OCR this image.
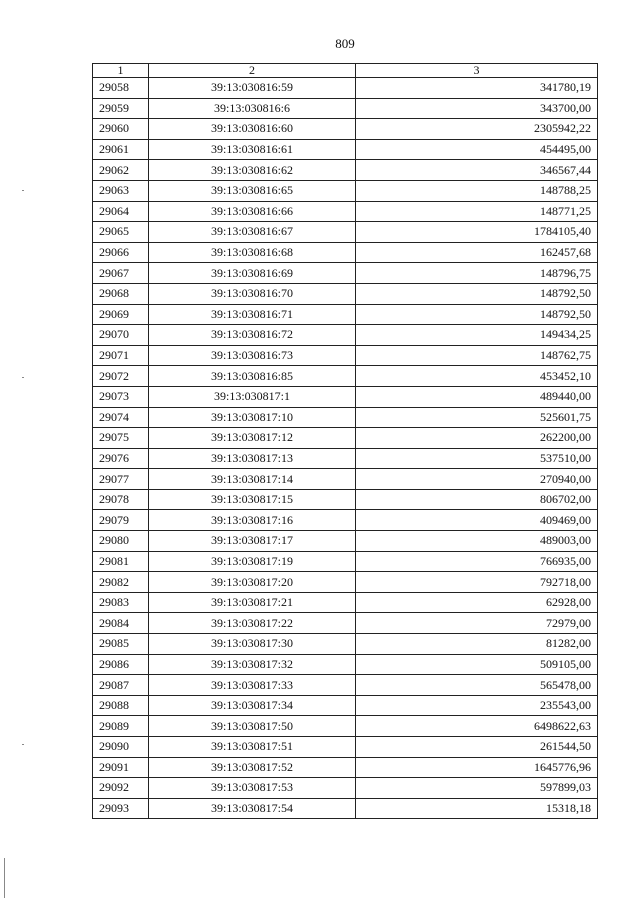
809
1	2	3
29058	39:13:030816:59	341780,19
29059	39:13:030816:6	343700,00
29060	39:13:030816:60	2305942,22
29061	39:13:030816:61	454495,00
29062	39:13:030816:62	346567,44
29063	39:13:030816:65	148788,25
29064	39:13:030816:66	148771,25
29065	39:13:030816:67	1784105,40
29066	39:13:030816:68	162457,68
29067	39:13:030816:69	148796,75
29068	39:13:030816:70	148792,50
29069	39:13:030816:71	148792,50
29070	39:13:030816:72	149434,25
29071	39:13:030816:73	148762,75
29072	39:13:030816:85	453452,10
29073	39:13:030817:1	489440,00
29074	39:13:030817:10	525601,75
29075	39:13:030817:12	262200,00
29076	39:13:030817:13	537510,00
29077	39:13:030817:14	270940,00
29078	39:13:030817:15	806702,00
29079	39:13:030817:16	409469,00
29080	39:13:030817:17	489003,00
29081	39:13:030817:19	766935,00
29082	39:13:030817:20	792718,00
29083	39:13:030817:21	62928,00
29084	39:13:030817:22	72979,00
29085	39:13:030817:30	81282,00
29086	39:13:030817:32	509105,00
29087	39:13:030817:33	565478,00
29088	39:13:030817:34	235543,00
29089	39:13:030817:50	6498622,63
29090	39:13:030817:51	261544,50
29091	39:13:030817:52	1645776,96
29092	39:13:030817:53	597899,03
29093	39:13:030817:54	15318,18
